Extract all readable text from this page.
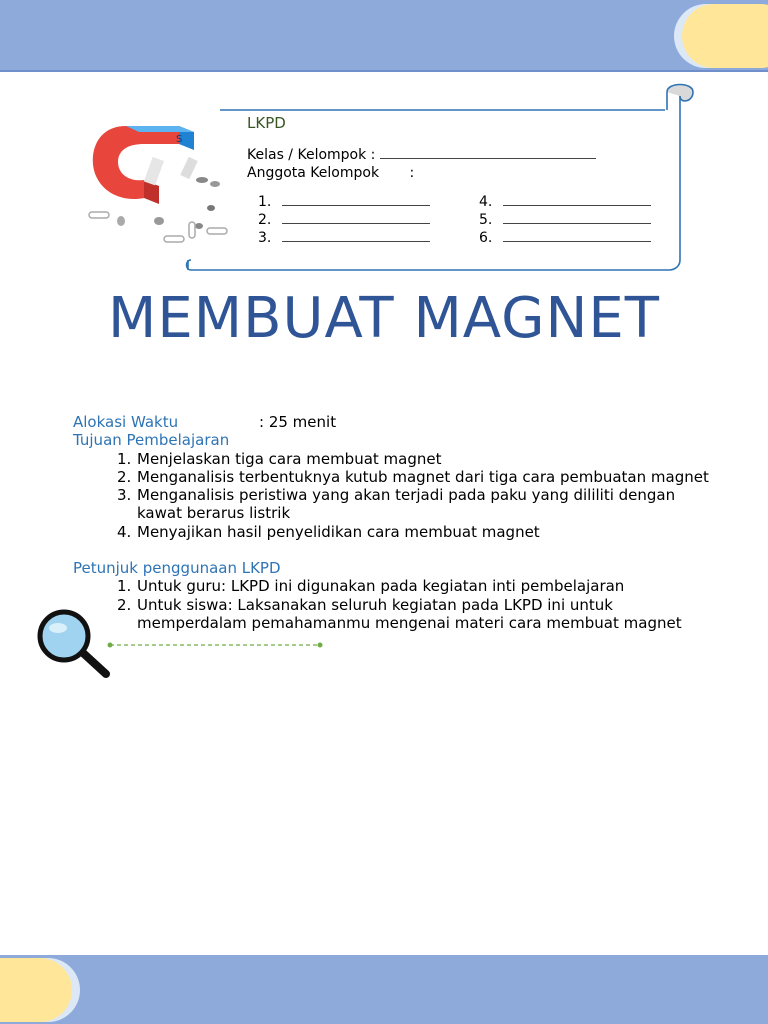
S
LKPD
Kelas / Kelompok :
Anggota Kelompok :
1.
2.
3.
4.
5.
6.
MEMBUAT MAGNET
Alokasi Waktu	: 25 menit
Tujuan Pembelajaran
1. Menjelaskan tiga cara membuat magnet
2. Menganalisis terbentuknya kutub magnet dari tiga cara pembuatan magnet
3. Menganalisis peristiwa yang akan terjadi pada paku yang dililiti dengan kawat berarus listrik
4. Menyajikan hasil penyelidikan cara membuat magnet
Petunjuk penggunaan LKPD
1. Untuk guru: LKPD ini digunakan pada kegiatan inti pembelajaran
2. Untuk siswa: Laksanakan seluruh kegiatan pada LKPD ini untuk memperdalam pemahamanmu mengenai materi cara membuat magnet
